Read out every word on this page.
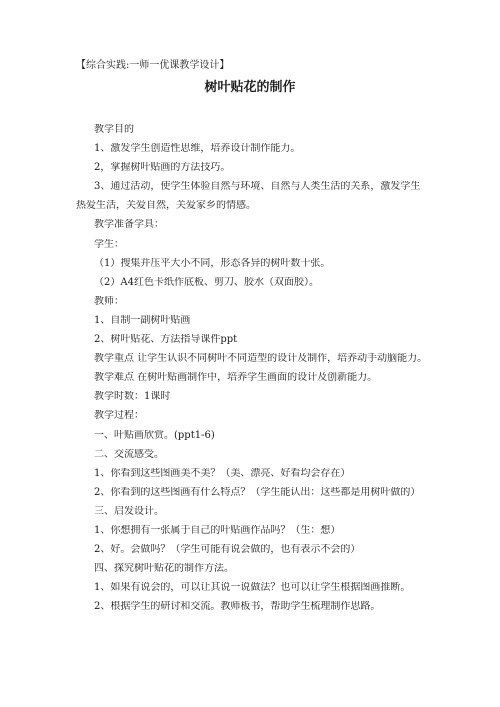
【综合实践:一师一优课教学设计】
树叶贴花的制作
教学目的
1、激发学生创造性思维，培养设计制作能力。
2，掌握树叶贴画的方法技巧。
3、通过活动，使学生体验自然与环境、自然与人类生活的关系，激发学生
热爱生活，关爱自然，关爱家乡的情感。
教学准备学具：
学生：
（1）搜集并压平大小不同，形态各异的树叶数十张。
（2）A4红色卡纸作底板、剪刀、胶水（双面胶）。
教师：
1、自制一副树叶贴画
2、树叶贴花、方法指导课件ppt
教学重点 让学生认识不同树叶不同造型的设计及制作，培养动手动脑能力。
教学难点 在树叶贴画制作中，培养学生画面的设计及创新能力。
教学时数：1课时
教学过程：
一、叶贴画欣赏。(ppt1-6)
二、交流感受。
1、你看到这些图画美不美？（美、漂亮、好看均会存在）
2、你看到的这些图画有什么特点？（学生能认出：这些都是用树叶做的）
三、启发设计。
1、你想拥有一张属于自己的叶贴画作品吗？（生：想）
2、好。会做吗？（学生可能有说会做的，也有表示不会的）
四、探究树叶贴花的制作方法。
1、如果有说会的，可以让其说一说做法？也可以让学生根据图画推断。
2、根据学生的研讨和交流。教师板书，帮助学生梳理制作思路。
